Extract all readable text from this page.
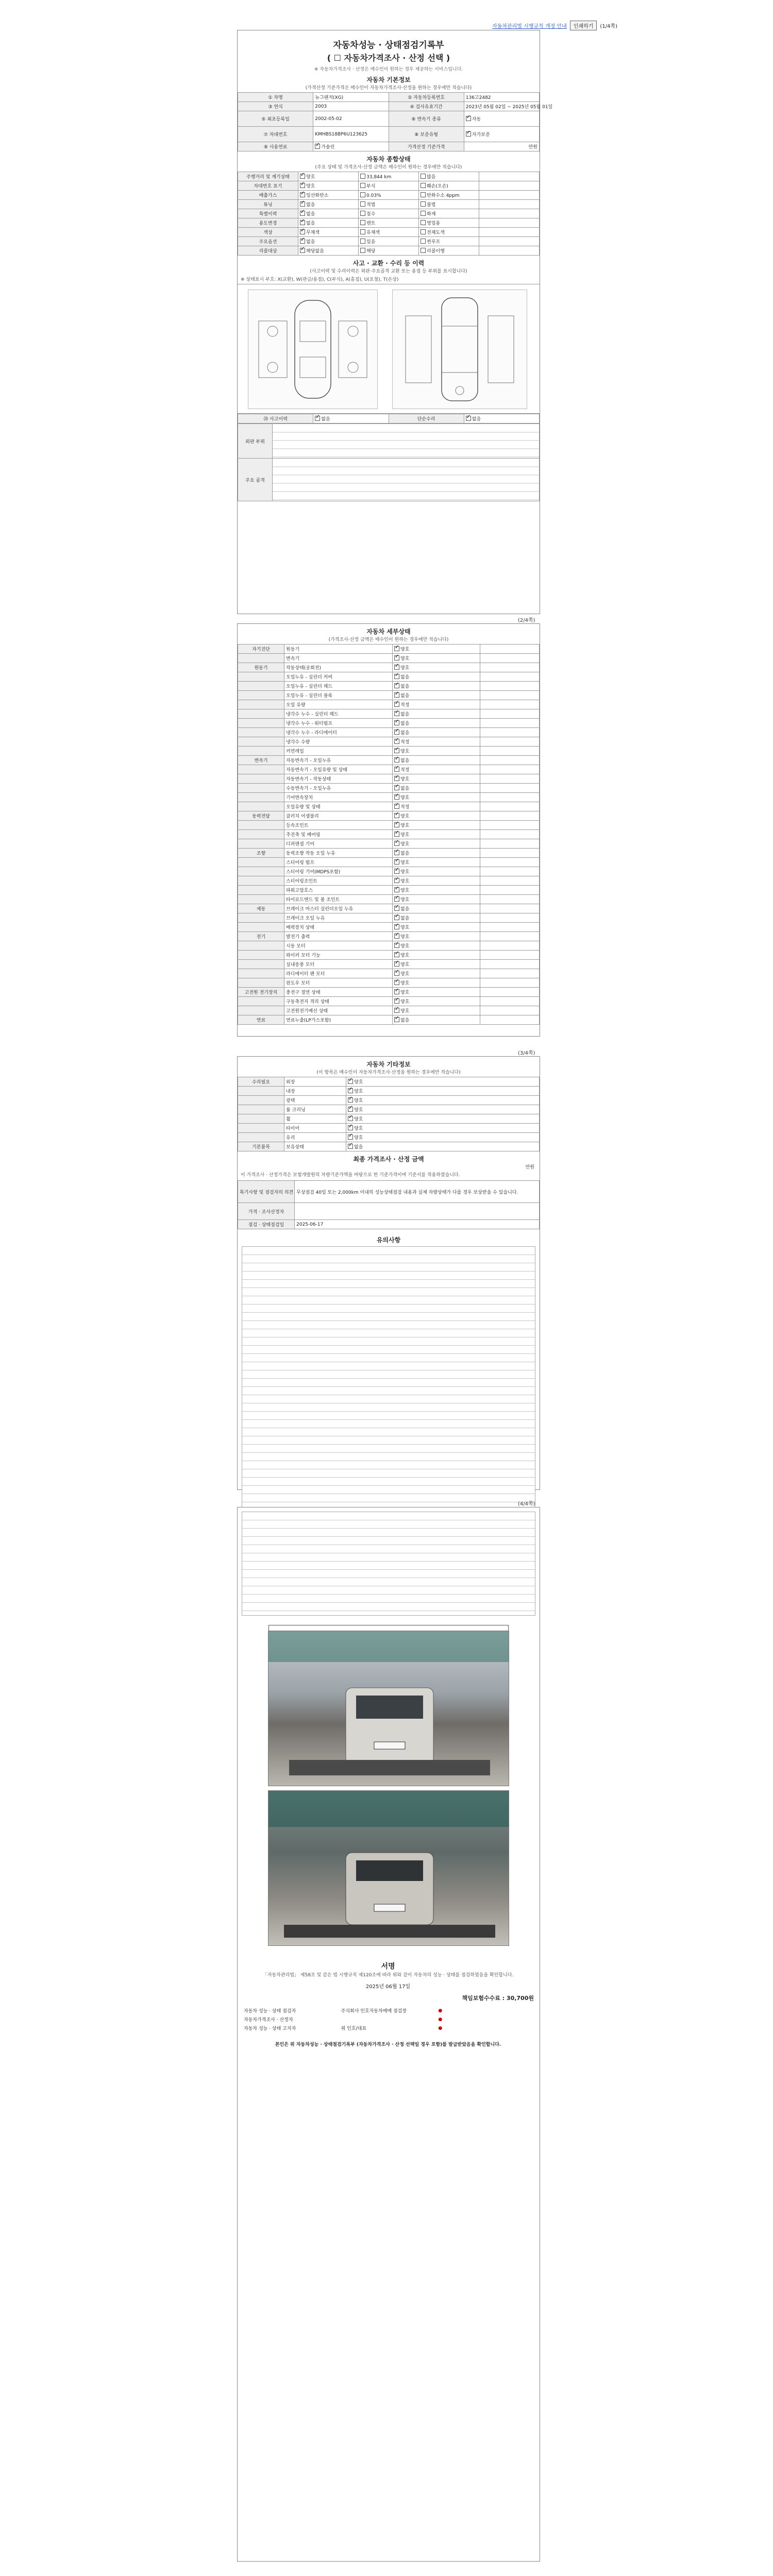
자동차관리법 시행규칙 개정 안내	인쇄하기	(1/4쪽)
자동차성능 · 상태점검기록부
( ☐ 자동차가격조사 · 산정 선택 )
※ 자동차가격조사 · 산정은 매수인이 원하는 경우 제공하는 서비스입니다.
자동차 기본정보
(가격산정 기준가격은 매수인이 자동차가격조사·산정을 원하는 경우에만 적습니다)
① 차명	뉴그랜저(XG)	② 자동차등록번호	136고2482
③ 연식	2003	④ 검사유효기간	2023년 05월 02일 ~ 2025년 05월 01일
⑤ 최초등록일	2002-05-02	⑥ 변속기 종류	✓자동
⑦ 차대번호	KMHBS18BP6U123625	⑧ 보증유형	✓자가보증
⑨ 사용연료	✓가솔린	가격산정 기준가격	만원
자동차 종합상태
(주요 상태 및 가격조사·산정 금액은 매수인이 원하는 경우에만 적습니다)
주행거리 및 계기상태	✓양호	33,844 km	많음	
차대번호 표기	✓양호	부식	훼손(오손)	
배출가스	✓일산화탄소	0.03%	탄화수소 4ppm	
튜닝	✓없음	적법	불법	
특별이력	✓없음	침수	화재	
용도변경	✓없음	렌트	영업용	
색상	✓무채색	유채색	전체도색	
주요옵션	✓없음	있음	썬루프	
리콜대상	✓해당없음	해당	리콜이행	
사고 · 교환 · 수리 등 이력
(사고이력 및 수리이력은 외판·주요골격 교환 또는 용접 등 부위를 표시합니다)
※ 상태표시 부호: X(교환), W(판금/용접), C(부식), A(흠집), U(요철), T(손상)
⑳ 사고이력	✓없음	단순수리	✓없음
외판 부위	
주요 골격	
(2/4쪽)
자동차 세부상태
(가격조사·산정 금액은 매수인이 원하는 경우에만 적습니다)
자기진단	원동기	✓양호	
	변속기	✓양호	
원동기	작동상태(공회전)	✓양호	
	오일누유 - 실린더 커버	✓없음	
	오일누유 - 실린더 헤드	✓없음	
	오일누유 - 실린더 블록	✓없음	
	오일 유량	✓적정	
	냉각수 누수 - 실린더 헤드	✓없음	
	냉각수 누수 - 워터펌프	✓없음	
	냉각수 누수 - 라디에이터	✓없음	
	냉각수 수량	✓적정	
	커먼레일	✓양호	
변속기	자동변속기 - 오일누유	✓없음	
	자동변속기 - 오일유량 및 상태	✓적정	
	자동변속기 - 작동상태	✓양호	
	수동변속기 - 오일누유	✓없음	
	기어변속장치	✓양호	
	오일유량 및 상태	✓적정	
동력전달	클러치 어셈블리	✓양호	
	등속조인트	✓양호	
	추진축 및 베어링	✓양호	
	디퍼렌셜 기어	✓양호	
조향	동력조향 작동 오일 누유	✓없음	
	스티어링 펌프	✓양호	
	스티어링 기어(MDPS포함)	✓양호	
	스티어링조인트	✓양호	
	파워고압호스	✓양호	
	타이로드엔드 및 볼 조인트	✓양호	
제동	브레이크 마스터 실린더오일 누유	✓없음	
	브레이크 오일 누유	✓없음	
	배력장치 상태	✓양호	
전기	발전기 출력	✓양호	
	시동 모터	✓양호	
	와이퍼 모터 기능	✓양호	
	실내송풍 모터	✓양호	
	라디에이터 팬 모터	✓양호	
	윈도우 모터	✓양호	
고전원 전기장치	충전구 절연 상태	✓양호	
	구동축전지 격리 상태	✓양호	
	고전원전기배선 상태	✓양호	
연료	연료누출(LP가스포함)	✓없음	
(3/4쪽)
자동차 기타정보
(이 항목은 매수인이 자동차가격조사·산정을 원하는 경우에만 적습니다)
수리필요	외장	✓양호
	내장	✓양호
	광택	✓양호
	룸 크리닝	✓양호
	휠	✓양호
	타이어	✓양호
	유리	✓양호
기본품목	보유상태	✓없음
최종 가격조사 · 산정 금액
만원
이 가격조사 · 산정가격은 보험개발원의 차량기준가액을 바탕으로 한 기준가격이며 기준서를 적용하였습니다.
특기사항 및 점검자의 의견	무상점검 40일 또는 2,000km 이내의 성능상태점검 내용과 실제 차량상태가 다를 경우 보상받을 수 있습니다.
가격 · 조사산정자	
점검 · 상태점검일	2025-06-17
유의사항
(4/4쪽)
서명
「자동차관리법」 제58조 및 같은 법 시행규칙 제120조에 따라 위와 같이 자동차의 성능 · 상태를 점검하였음을 확인합니다.
2025년 06월 17일
책임보험수수료 : 30,700원
자동차 성능 · 상태 점검자	주식회사 인호자동차매매 점검장	●
자동차가격조사 · 산정자		●
자동차 성능 · 상태 고지자	위 인호/대표	●
본인은 위 자동차성능 · 상태점검기록부 (자동차가격조사 · 산정 선택일 경우 포함)를 발급받았음을 확인합니다.
